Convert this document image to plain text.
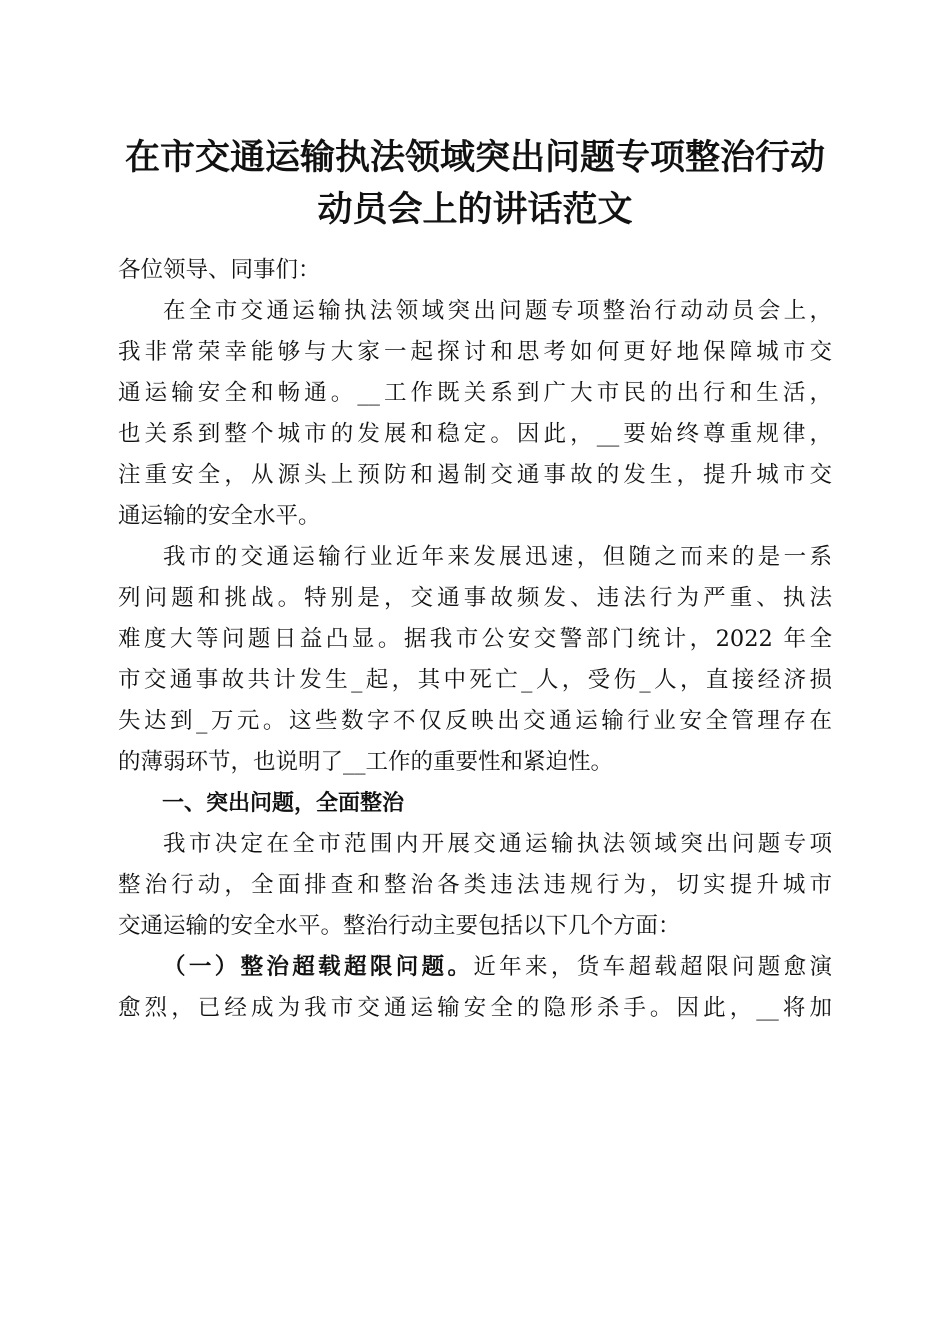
在市交通运输执法领域突出问题专项整治行动
动员会上的讲话范文

各位领导、同事们：

在全市交通运输执法领域突出问题专项整治行动动员会上，
我非常荣幸能够与大家一起探讨和思考如何更好地保障城市交
通运输安全和畅通。__工作既关系到广大市民的出行和生活，
也关系到整个城市的发展和稳定。因此，__要始终尊重规律，
注重安全，从源头上预防和遏制交通事故的发生，提升城市交
通运输的安全水平。
我市的交通运输行业近年来发展迅速，但随之而来的是一系
列问题和挑战。特别是，交通事故频发、违法行为严重、执法
难度大等问题日益凸显。据我市公安交警部门统计，2022 年全
市交通事故共计发生_起，其中死亡_人，受伤_人，直接经济损
失达到_万元。这些数字不仅反映出交通运输行业安全管理存在
的薄弱环节，也说明了__工作的重要性和紧迫性。

一、突出问题，全面整治

我市决定在全市范围内开展交通运输执法领域突出问题专项
整治行动，全面排查和整治各类违法违规行为，切实提升城市
交通运输的安全水平。整治行动主要包括以下几个方面：
（一）整治超载超限问题。近年来，货车超载超限问题愈演
愈烈，已经成为我市交通运输安全的隐形杀手。因此，__将加
